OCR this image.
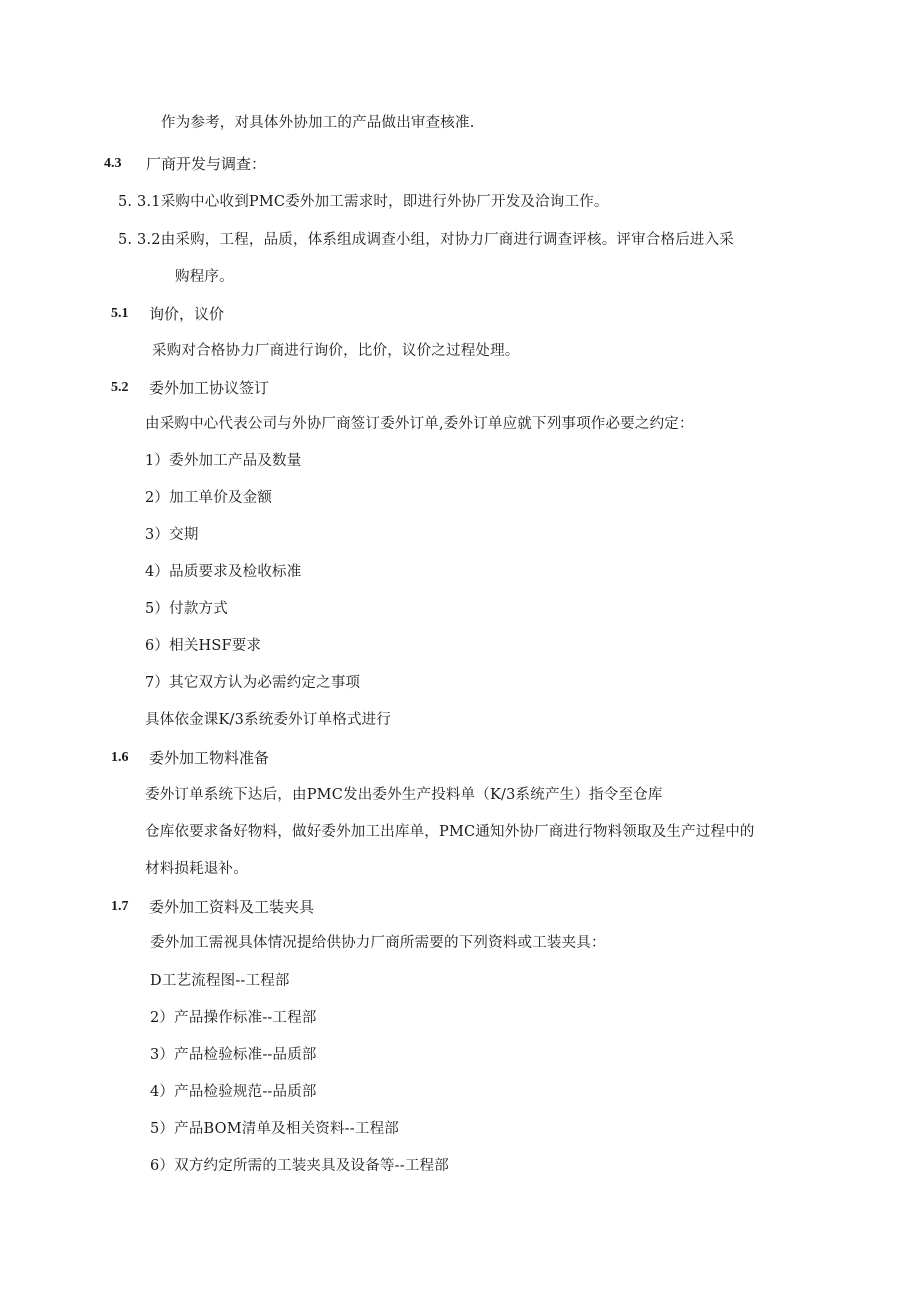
作为参考，对具体外协加工的产品做出审查核准.
4.3 厂商开发与调查：
5. 3.1采购中心收到PMC委外加工需求时，即进行外协厂开发及洽询工作。
5. 3.2由采购，工程，品质，体系组成调查小组，对协力厂商进行调查评核。评审合格后进入采
购程序。
5.1 询价，议价
采购对合格协力厂商进行询价，比价，议价之过程处理。
5.2 委外加工协议签订
由采购中心代表公司与外协厂商签订委外订单,委外订单应就下列事项作必要之约定：
1）委外加工产品及数量
2）加工单价及金额
3）交期
4）品质要求及检收标准
5）付款方式
6）相关HSF要求
7）其它双方认为必需约定之事项
具体依金课K/3系统委外订单格式进行
1.6 委外加工物料准备
委外订单系统下达后，由PMC发出委外生产投料单（K/3系统产生）指令至仓库
仓库依要求备好物料，做好委外加工出库单，PMC通知外协厂商进行物料领取及生产过程中的
材料损耗退补。
1.7 委外加工资料及工装夹具
委外加工需视具体情况提给供协力厂商所需要的下列资料或工装夹具：
D工艺流程图--工程部
2）产品操作标准--工程部
3）产品检验标准--品质部
4）产品检验规范--品质部
5）产品BOM清单及相关资料--工程部
6）双方约定所需的工装夹具及设备等--工程部
